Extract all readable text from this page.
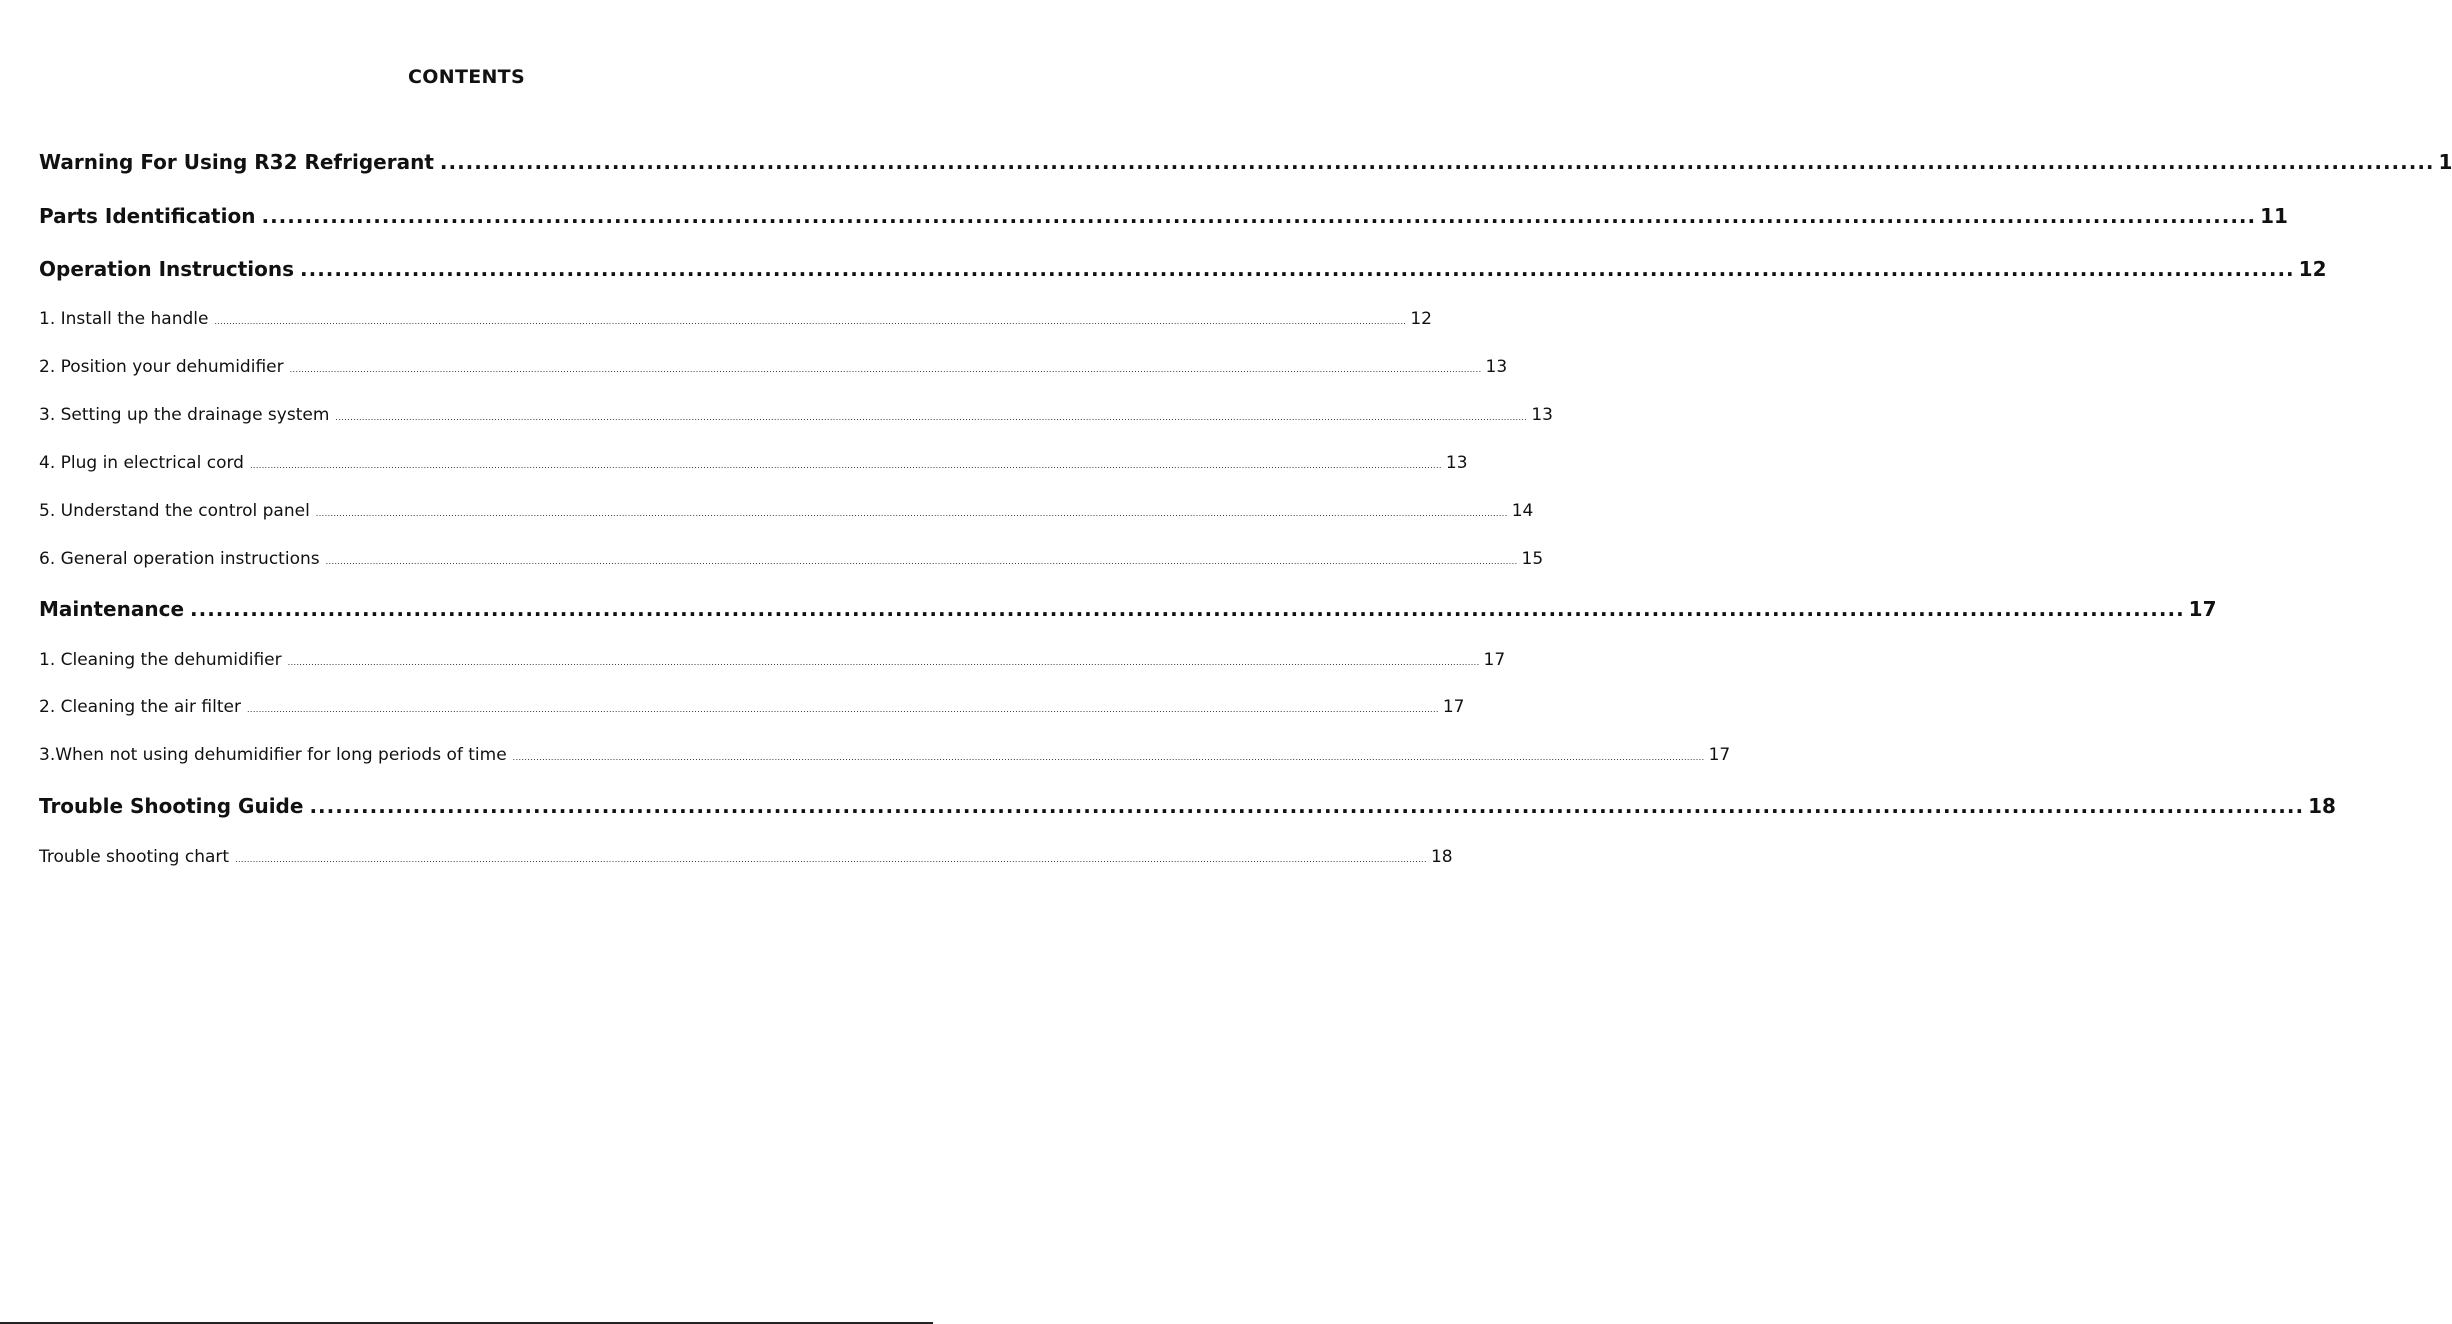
CONTENTS
Warning For Using R32 Refrigerant .....	1
Parts Identification .....	11
Operation Instructions .....	12
1. Install the handle .....	12
2. Position your dehumidifier .....	13
3. Setting up the drainage system .....	13
4. Plug in electrical cord .....	13
5. Understand the control panel .....	14
6. General operation instructions .....	15
Maintenance .....	17
1. Cleaning the dehumidifier .....	17
2. Cleaning the air filter .....	17
3.When not using dehumidifier for long periods of time .....	17
Trouble Shooting Guide .....	18
Trouble shooting chart .....	18
